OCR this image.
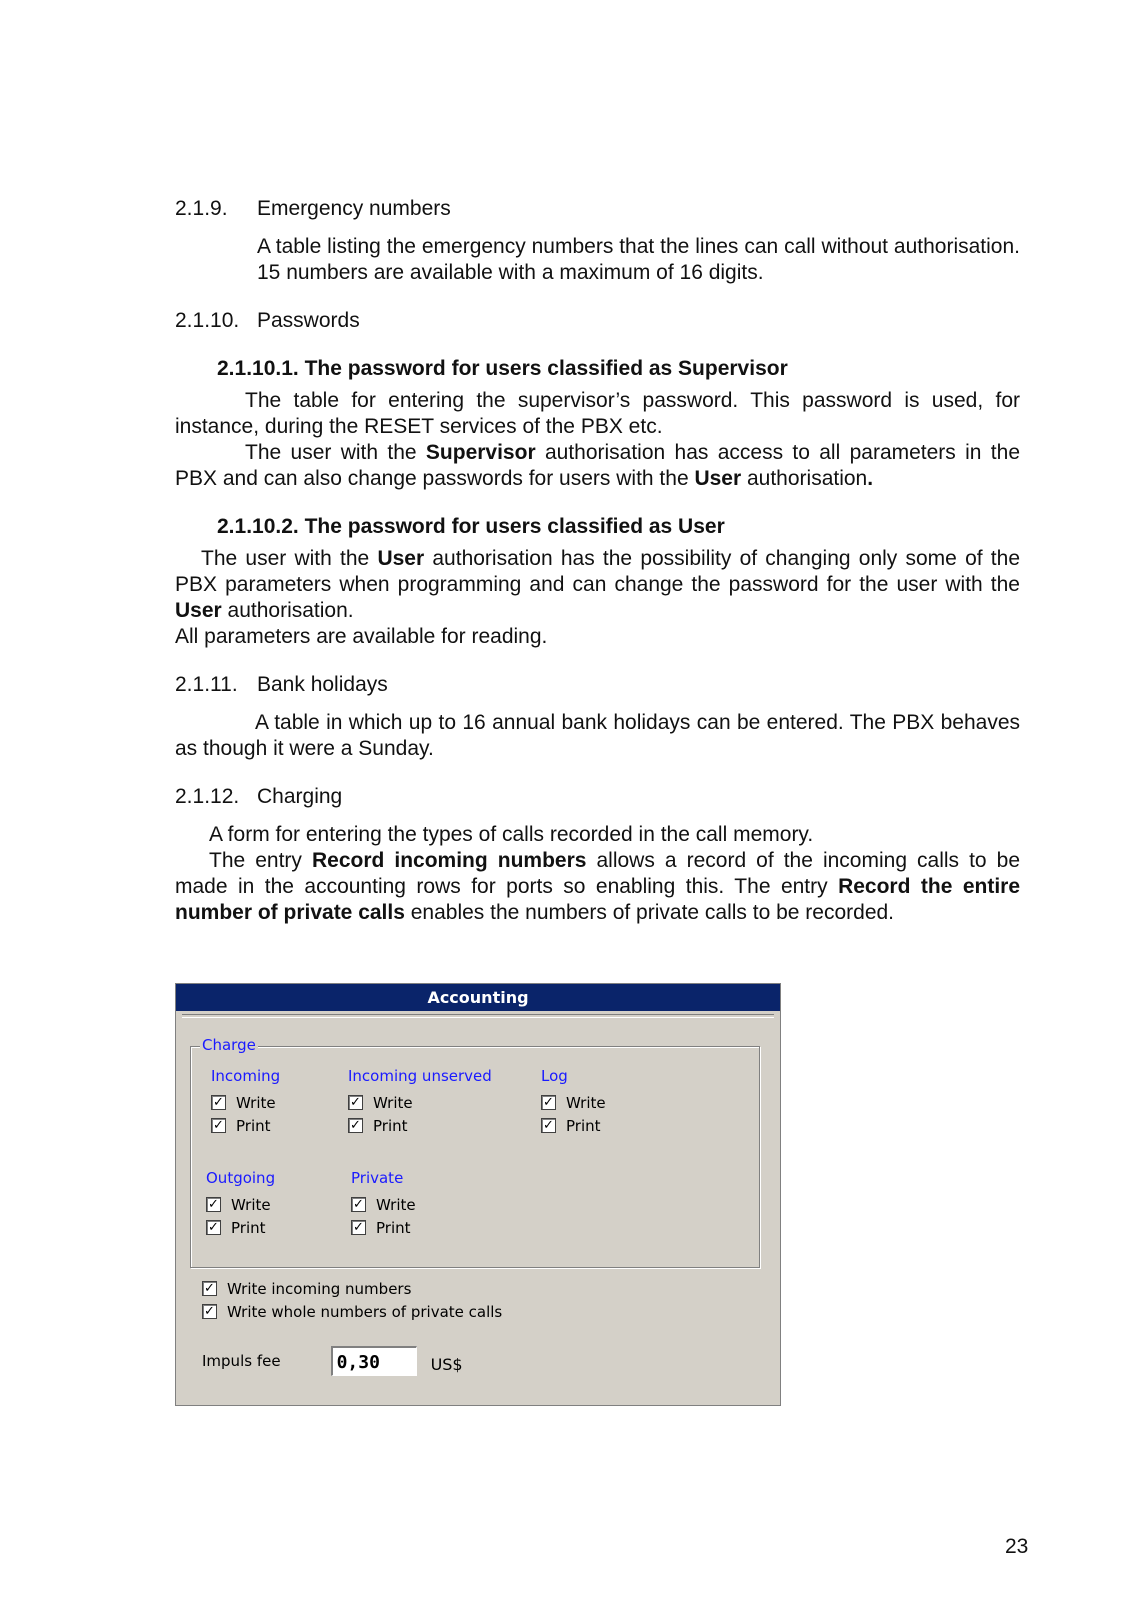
2.1.9.	Emergency numbers

A table listing the emergency numbers that the lines can call without authorisation. 15 numbers are available with a maximum of 16 digits.

2.1.10. Passwords
2.1.10.1. The password for users classified as Supervisor

The table for entering the supervisor’s password. This password is used, for instance, during the RESET services of the PBX etc.

The user with the Supervisor authorisation has access to all parameters in the PBX and can also change passwords for users with the User authorisation.

2.1.10.2. The password for users classified as User

The user with the User authorisation has the possibility of changing only some of the PBX parameters when programming and can change the password for the user with the User authorisation.

All parameters are available for reading.

2.1.11. Bank holidays

A table in which up to 16 annual bank holidays can be entered. The PBX behaves as though it were a Sunday.

2.1.12. Charging

A form for entering the types of calls recorded in the call memory.

The entry Record incoming numbers allows a record of the incoming calls to be made in the accounting rows for ports so enabling this. The entry Record the entire number of private calls enables the numbers of private calls to be recorded.

Accounting
Charge
Incoming
✓ Write
✓ Print
Incoming unserved
✓ Write
✓ Print
Log
✓ Write
✓ Print
Outgoing
✓ Write
✓ Print
Private
✓ Write
✓ Print
✓ Write incoming numbers
✓ Write whole numbers of private calls
Impuls fee	0,30	US$
23
